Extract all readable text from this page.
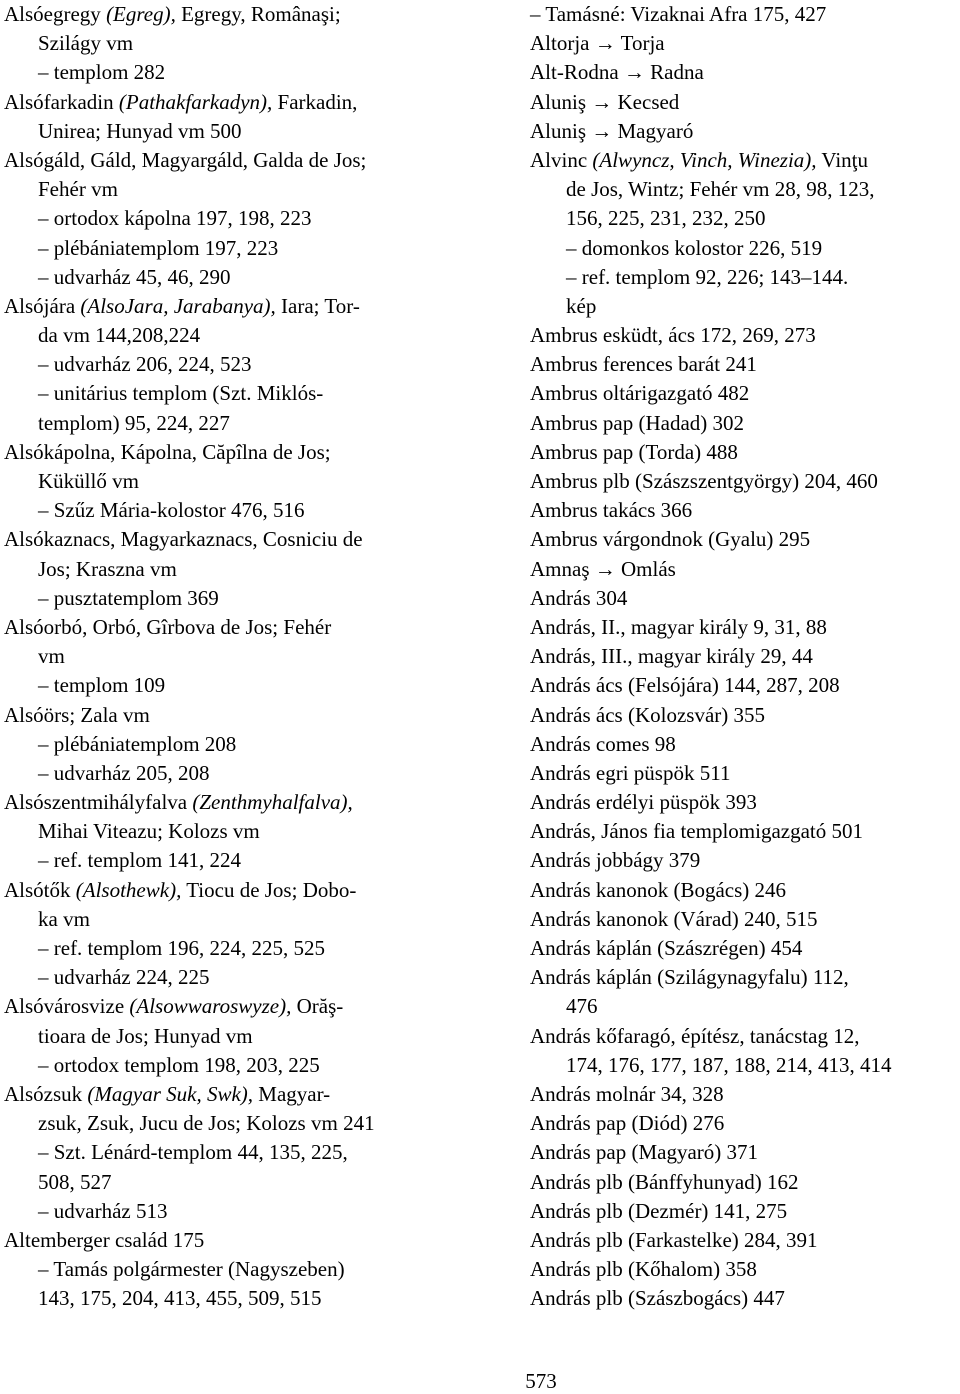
Alsóegregy (Egreg), Egregy, Românaşi;
Szilágy vm
– templom 282
Alsófarkadin (Pathakfarkadyn), Farkadin,
Unirea; Hunyad vm 500
Alsógáld, Gáld, Magyargáld, Galda de Jos;
Fehér vm
– ortodox kápolna 197, 198, 223
– plébániatemplom 197, 223
– udvarház 45, 46, 290
Alsójára (AlsoJara, Jarabanya), Iara; Tor-
da vm 144,208,224
– udvarház 206, 224, 523
– unitárius templom (Szt. Miklós-
templom) 95, 224, 227
Alsókápolna, Kápolna, Căpîlna de Jos;
Küküllő vm
– Szűz Mária-kolostor 476, 516
Alsókaznacs, Magyarkaznacs, Cosniciu de
Jos; Kraszna vm
– pusztatemplom 369
Alsóorbó, Orbó, Gîrbova de Jos; Fehér
vm
– templom 109
Alsóörs; Zala vm
– plébániatemplom 208
– udvarház 205, 208
Alsószentmihályfalva (Zenthmyhalfalva),
Mihai Viteazu; Kolozs vm
– ref. templom 141, 224
Alsótők (Alsothewk), Tiocu de Jos; Dobo-
ka vm
– ref. templom 196, 224, 225, 525
– udvarház 224, 225
Alsóvárosvize (Alsowwaroswyze), Orăş-
tioara de Jos; Hunyad vm
– ortodox templom 198, 203, 225
Alsózsuk (Magyar Suk, Swk), Magyar-
zsuk, Zsuk, Jucu de Jos; Kolozs vm 241
– Szt. Lénárd-templom 44, 135, 225,
508, 527
– udvarház 513
Altemberger család 175
– Tamás polgármester (Nagyszeben)
143, 175, 204, 413, 455, 509, 515
– Tamásné: Vizaknai Afra 175, 427
Altorja → Torja
Alt-Rodna → Radna
Aluniş → Kecsed
Aluniş → Magyaró
Alvinc (Alwyncz, Vinch, Winezia), Vinţu
de Jos, Wintz; Fehér vm 28, 98, 123,
156, 225, 231, 232, 250
– domonkos kolostor 226, 519
– ref. templom 92, 226; 143–144.
kép
Ambrus esküdt, ács 172, 269, 273
Ambrus ferences barát 241
Ambrus oltárigazgató 482
Ambrus pap (Hadad) 302
Ambrus pap (Torda) 488
Ambrus plb (Szászszentgyörgy) 204, 460
Ambrus takács 366
Ambrus várgondnok (Gyalu) 295
Amnaş → Omlás
András 304
András, II., magyar király 9, 31, 88
András, III., magyar király 29, 44
András ács (Felsójára) 144, 287, 208
András ács (Kolozsvár) 355
András comes 98
András egri püspök 511
András erdélyi püspök 393
András, János fia templomigazgató 501
András jobbágy 379
András kanonok (Bogács) 246
András kanonok (Várad) 240, 515
András káplán (Szászrégen) 454
András káplán (Szilágynagyfalu) 112,
476
András kőfaragó, építész, tanácstag 12,
174, 176, 177, 187, 188, 214, 413, 414
András molnár 34, 328
András pap (Diód) 276
András pap (Magyaró) 371
András plb (Bánffyhunyad) 162
András plb (Dezmér) 141, 275
András plb (Farkastelke) 284, 391
András plb (Kőhalom) 358
András plb (Szászbogács) 447
573
